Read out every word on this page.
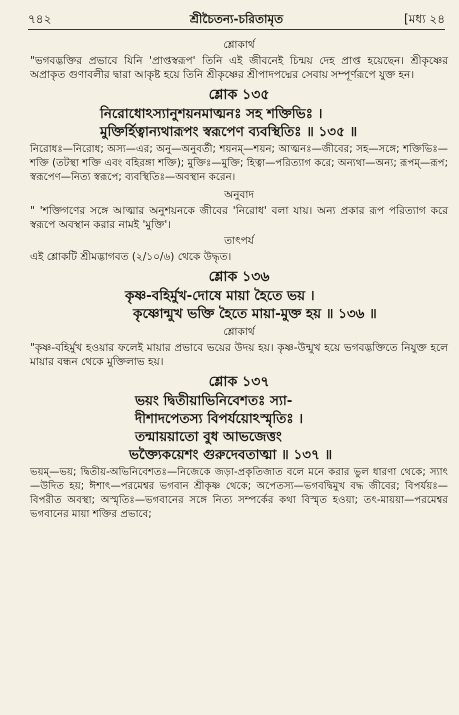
৭৪২	শ্রীচৈতন্য-চরিতামৃত	[মধ্য ২৪
শ্লোকার্থ

"ভগবদ্ভক্তির প্রভাবে যিনি 'প্রাপ্তস্বরূপ' তিনি এই জীবনেই চিন্ময় দেহ প্রাপ্ত হয়েছেন। শ্রীকৃষ্ণের অপ্রাকৃত গুণাবলীর দ্বারা আকৃষ্ট হয়ে তিনি শ্রীকৃষ্ণের শ্রীপাদপদ্মের সেবায় সম্পূর্ণরূপে যুক্ত হন।

শ্লোক ১৩৫
নিরোধোঽস্যানুশয়নমাত্মনঃ সহ শক্তিভিঃ ।
মুক্তির্হিত্বান্যথারূপং স্বরূপেণ ব্যবস্থিতিঃ ॥ ১৩৫ ॥

নিরোধঃ—নিরোধ; অস্য—এর; অনু—অনুবর্তী; শয়নম্—শয়ন; আত্মনঃ—জীবের; সহ—সঙ্গে; শক্তিভিঃ—শক্তি (তটস্থা শক্তি এবং বহিরঙ্গা শক্তি); মুক্তিঃ—মুক্তি; হিত্বা—পরিত্যাগ করে; অন্যথা—অন্য; রূপম্—রূপ; স্বরূপেণ—নিত্য স্বরূপে; ব্যবস্থিতিঃ—অবস্থান করেন।

অনুবাদ

" 'শক্তিগণের সঙ্গে আত্মার অনুশয়নকে জীবের 'নিরোধ' বলা যায়। অন্য প্রকার রূপ পরিত্যাগ করে স্বরূপে অবস্থান করার নামই 'মুক্তি'।

তাৎপর্য

এই শ্লোকটি শ্রীমদ্ভাগবত (২/১০/৬) থেকে উদ্ধৃত।

শ্লোক ১৩৬
কৃষ্ণ-বহির্মুখ-দোষে মায়া হৈতে ভয় ।
কৃষ্ণোন্মুখ ভক্তি হৈতে মায়া-মুক্ত হয় ॥ ১৩৬ ॥
শ্লোকার্থ

"কৃষ্ণ-বহির্মুখ হওয়ার ফলেই মায়ার প্রভাবে ভয়ের উদয় হয়। কৃষ্ণ-উন্মুখ হয়ে ভগবদ্ভক্তিতে নিযুক্ত হলে মায়ার বন্ধন থেকে মুক্তিলাভ হয়।

শ্লোক ১৩৭
ভয়ং দ্বিতীয়াভিনিবেশতঃ স্যা-
দীশাদপেতস্য বিপর্যয়োঽস্মৃতিঃ ।
তন্মায়য়াতো বুধ আভজেত্তং
ভক্ত্যৈকয়েশং গুরুদেবতাত্মা ॥ ১৩৭ ॥

ভয়ম্—ভয়; দ্বিতীয়-অভিনিবেশতঃ—নিজেকে জড়া-প্রকৃতিজাত বলে মনে করার ভুল ধারণা থেকে; স্যাৎ—উদিত হয়; ঈশাৎ—পরমেশ্বর ভগবান শ্রীকৃষ্ণ থেকে; অপেতস্য—ভগবদ্বিমুখ বদ্ধ জীবের; বিপর্যয়ঃ—বিপরীত অবস্থা; অস্মৃতিঃ—ভগবানের সঙ্গে নিত্য সম্পর্কের কথা বিস্মৃত হওয়া; তৎ-মায়য়া—পরমেশ্বর ভগবানের মায়া শক্তির প্রভাবে;
